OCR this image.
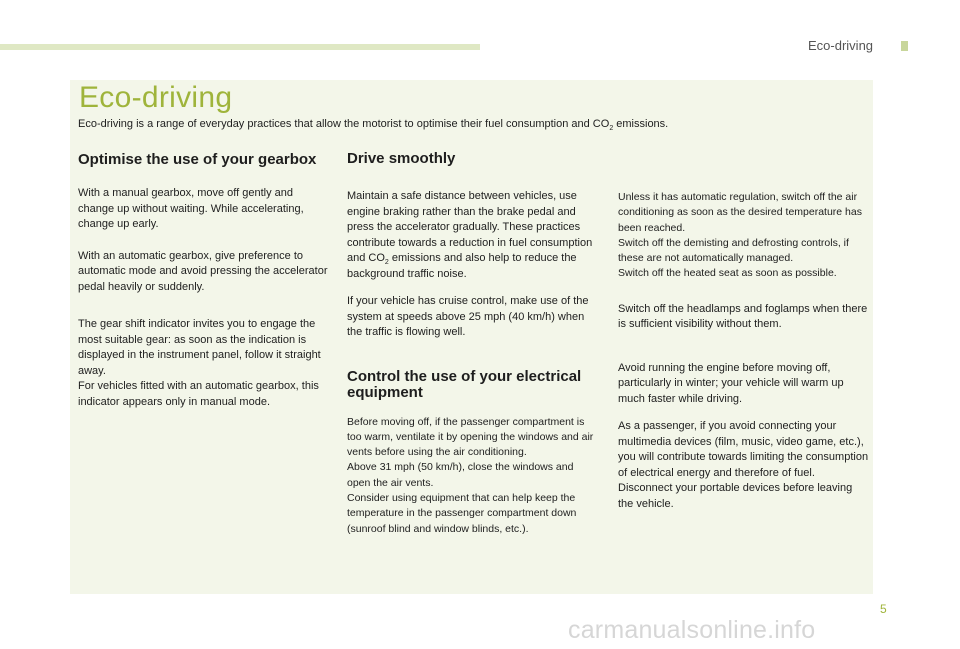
Eco-driving
Eco-driving

Eco-driving is a range of everyday practices that allow the motorist to optimise their fuel consumption and $CO_2$ emissions.

Optimise the use of your gearbox

With a manual gearbox, move off gently and change up without waiting. While accelerating, change up early.

With an automatic gearbox, give preference to automatic mode and avoid pressing the accelerator pedal heavily or suddenly.

The gear shift indicator invites you to engage the most suitable gear: as soon as the indication is displayed in the instrument panel, follow it straight away.

For vehicles fitted with an automatic gearbox, this indicator appears only in manual mode.

Drive smoothly

Maintain a safe distance between vehicles, use engine braking rather than the brake pedal and press the accelerator gradually. These practices contribute towards a reduction in fuel consumption and $CO_2$ emissions and also help to reduce the background traffic noise.

If your vehicle has cruise control, make use of the system at speeds above 25 mph (40 km/h) when the traffic is flowing well.

Control the use of your electrical equipment

Before moving off, if the passenger compartment is too warm, ventilate it by opening the windows and air vents before using the air conditioning.

Above 31 mph (50 km/h), close the windows and open the air vents.

Consider using equipment that can help keep the temperature in the passenger compartment down (sunroof blind and window blinds, etc.).

Unless it has automatic regulation, switch off the air conditioning as soon as the desired temperature has been reached.

Switch off the demisting and defrosting controls, if these are not automatically managed.

Switch off the heated seat as soon as possible.

Switch off the headlamps and foglamps when there is sufficient visibility without them.

Avoid running the engine before moving off, particularly in winter; your vehicle will warm up much faster while driving.

As a passenger, if you avoid connecting your multimedia devices (film, music, video game, etc.), you will contribute towards limiting the consumption of electrical energy and therefore of fuel.

Disconnect your portable devices before leaving the vehicle.

5
carmanualsonline.info
